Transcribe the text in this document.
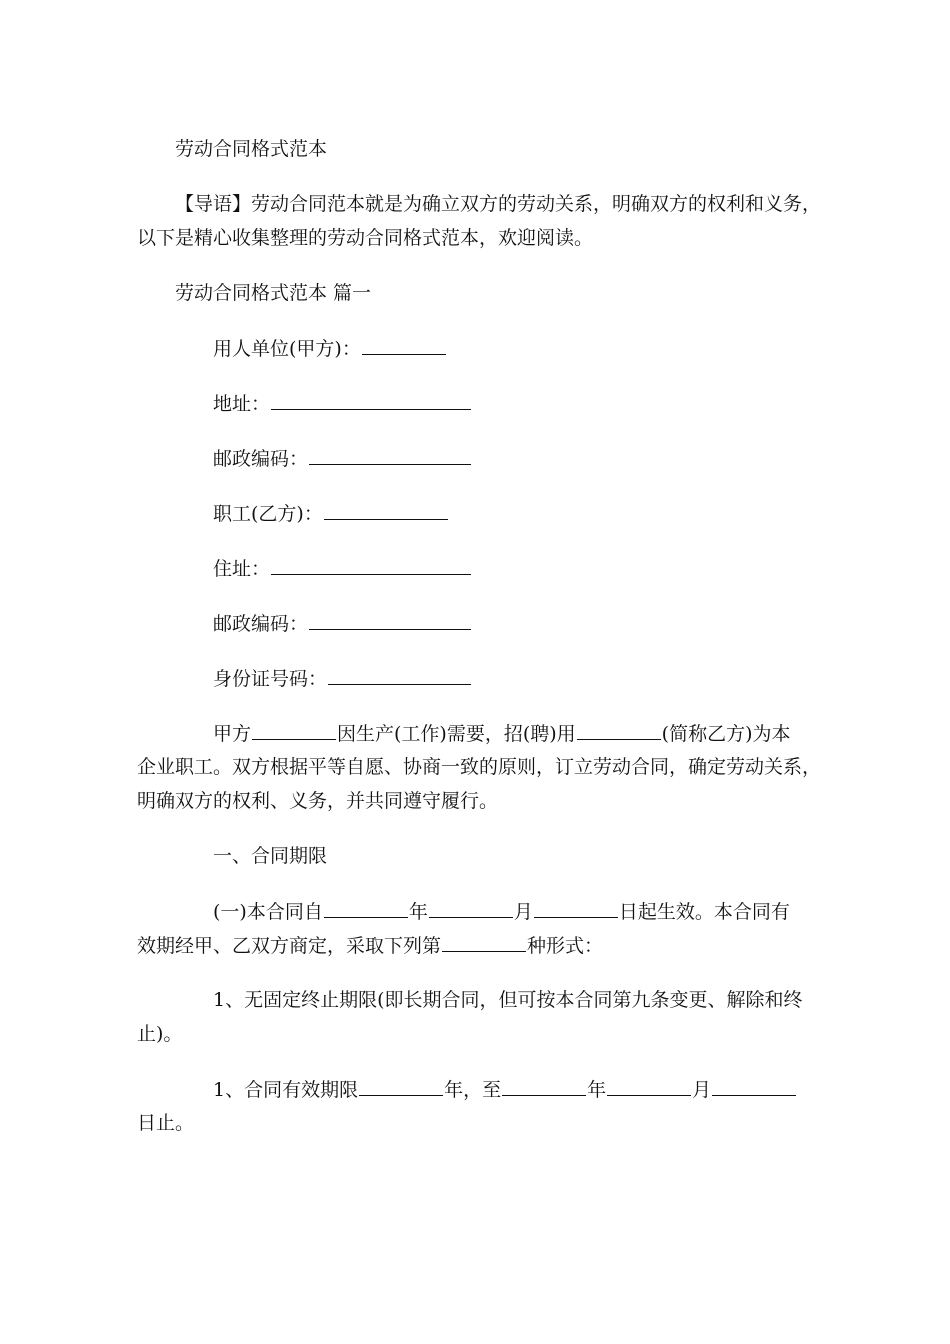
劳动合同格式范本
【导语】劳动合同范本就是为确立双方的劳动关系，明确双方的权利和义务，
以下是精心收集整理的劳动合同格式范本，欢迎阅读。
劳动合同格式范本 篇一
用人单位(甲方)：
地址：
邮政编码：
职工(乙方)：
住址：
邮政编码：
身份证号码：
甲方	因生产(工作)需要，招(聘)用	(简称乙方)为本
企业职工。双方根据平等自愿、协商一致的原则，订立劳动合同，确定劳动关系，
明确双方的权利、义务，并共同遵守履行。
一、合同期限
(一)本合同自	年	月	日起生效。本合同有
效期经甲、乙双方商定，采取下列第	种形式：
1、无固定终止期限(即长期合同，但可按本合同第九条变更、解除和终
止)。
1、合同有效期限	年，至	年	月
日止。
